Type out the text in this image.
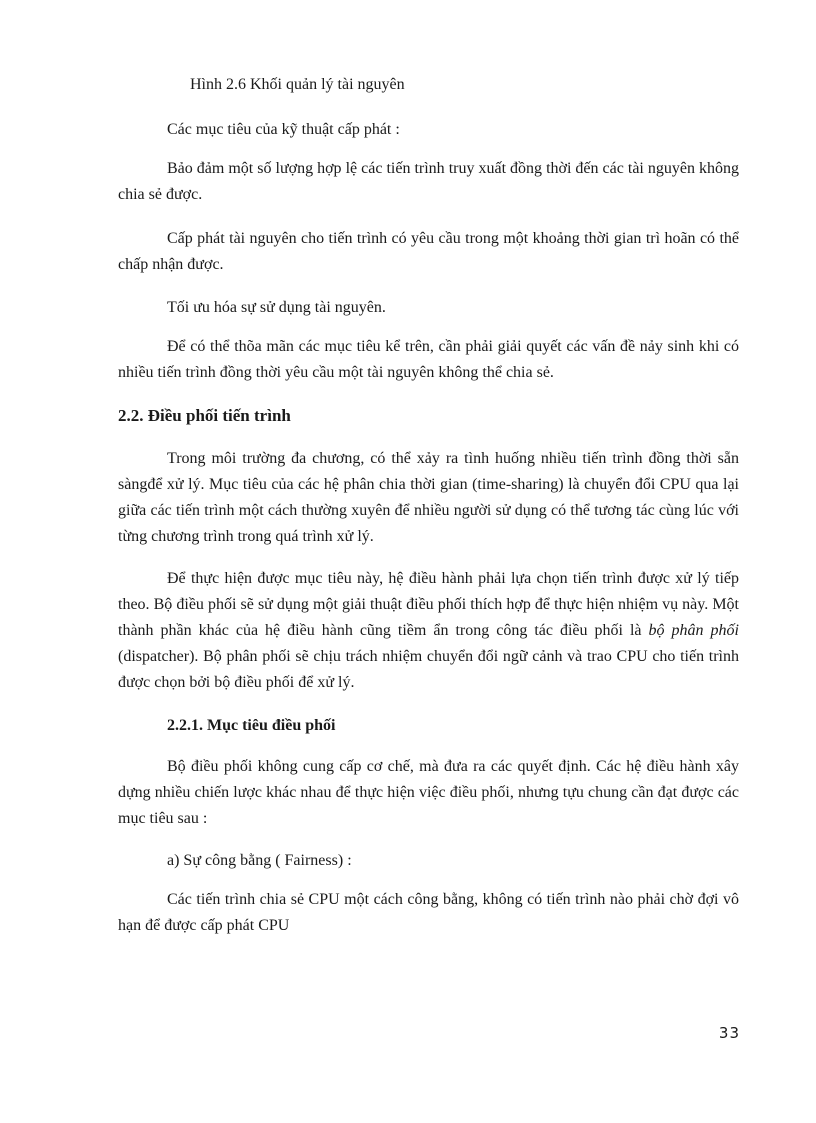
Hình 2.6 Khối quản lý tài nguyên

Các mục tiêu của kỹ thuật cấp phát :

Bảo đảm một số lượng hợp lệ các tiến trình truy xuất đồng thời đến các tài nguyên không chia sẻ được.

Cấp phát tài nguyên cho tiến trình có yêu cầu trong một khoảng thời gian trì hoãn có thể chấp nhận được.

Tối ưu hóa sự sử dụng tài nguyên.

Để có thể thõa mãn các mục tiêu kể trên, cần phải giải quyết các vấn đề nảy sinh khi có nhiều tiến trình đồng thời yêu cầu một tài nguyên không thể chia sẻ.

2.2. Điều phối tiến trình

Trong môi trường đa chương, có thể xảy ra tình huống nhiều tiến trình đồng thời sẵn sàngđể xử lý. Mục tiêu của các hệ phân chia thời gian (time-sharing) là chuyển đổi CPU qua lại giữa các tiến trình một cách thường xuyên để nhiều người sử dụng có thể tương tác cùng lúc với từng chương trình trong quá trình xử lý.

Để thực hiện được mục tiêu này, hệ điều hành phải lựa chọn tiến trình được xử lý tiếp theo. Bộ điều phối sẽ sử dụng một giải thuật điều phối thích hợp để thực hiện nhiệm vụ này. Một thành phần khác của hệ điều hành cũng tiềm ẩn trong công tác điều phối là bộ phân phối (dispatcher). Bộ phân phối sẽ chịu trách nhiệm chuyển đổi ngữ cảnh và trao CPU cho tiến trình được chọn bởi bộ điều phối để xử lý.

2.2.1. Mục tiêu điều phối

Bộ điều phối không cung cấp cơ chế, mà đưa ra các quyết định. Các hệ điều hành xây dựng nhiều chiến lược khác nhau để thực hiện việc điều phối, nhưng tựu chung cần đạt được các mục tiêu sau :

a) Sự công bằng ( Fairness) :

Các tiến trình chia sẻ CPU một cách công bằng, không có tiến trình nào phải chờ đợi vô hạn để được cấp phát CPU

33
